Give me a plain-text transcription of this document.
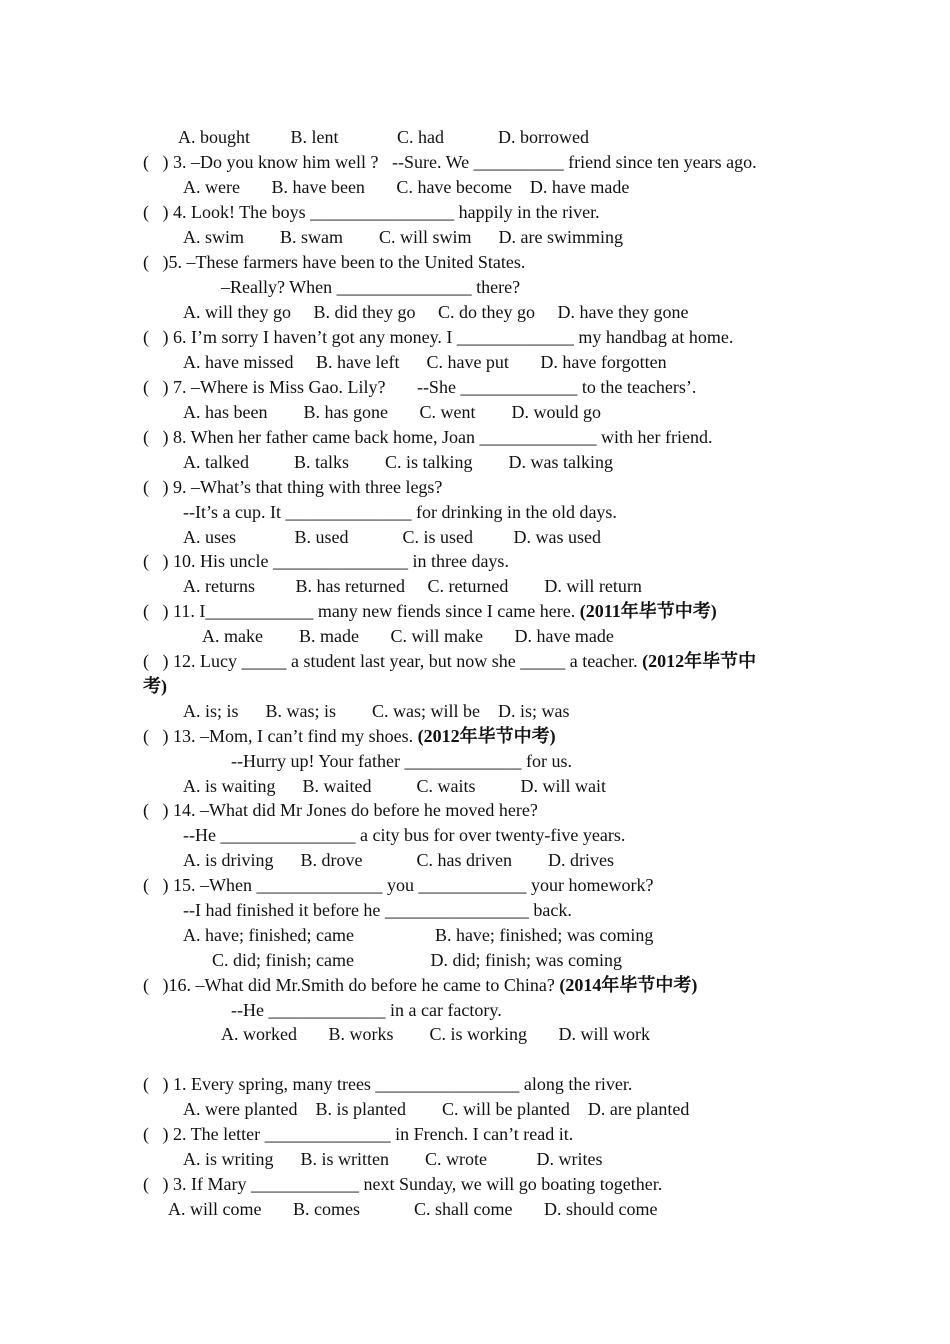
A. bought         B. lent             C. had            D. borrowed
(   ) 3. –Do you know him well ?   --Sure. We __________ friend since ten years ago.
A. were       B. have been       C. have become    D. have made
(   ) 4. Look! The boys ________________ happily in the river.
A. swim        B. swam        C. will swim      D. are swimming
(   )5. –These farmers have been to the United States.
–Really? When _______________ there?
A. will they go     B. did they go     C. do they go     D. have they gone
(   ) 6. I’m sorry I haven’t got any money. I _____________ my handbag at home.
A. have missed     B. have left      C. have put       D. have forgotten
(   ) 7. –Where is Miss Gao. Lily?       --She _____________ to the teachers’.
A. has been        B. has gone       C. went        D. would go
(   ) 8. When her father came back home, Joan _____________ with her friend.
A. talked          B. talks        C. is talking        D. was talking
(   ) 9. –What’s that thing with three legs?
--It’s a cup. It ______________ for drinking in the old days.
A. uses             B. used            C. is used         D. was used
(   ) 10. His uncle _______________ in three days.
A. returns         B. has returned     C. returned        D. will return
(   ) 11. I____________ many new fiends since I came here. (2011年毕节中考)
A. make        B. made       C. will make       D. have made
(   ) 12. Lucy _____ a student last year, but now she _____ a teacher. (2012年毕节中
考)
A. is; is      B. was; is        C. was; will be    D. is; was
(   ) 13. –Mom, I can’t find my shoes. (2012年毕节中考)
--Hurry up! Your father _____________ for us.
A. is waiting      B. waited          C. waits          D. will wait
(   ) 14. –What did Mr Jones do before he moved here?
--He _______________ a city bus for over twenty-five years.
A. is driving      B. drove            C. has driven        D. drives
(   ) 15. –When ______________ you ____________ your homework?
--I had finished it before he ________________ back.
A. have; finished; came                  B. have; finished; was coming
C. did; finish; came                 D. did; finish; was coming
(   )16. –What did Mr.Smith do before he came to China? (2014年毕节中考)
--He _____________ in a car factory.
A. worked       B. works        C. is working       D. will work
(   ) 1. Every spring, many trees ________________ along the river.
A. were planted    B. is planted        C. will be planted    D. are planted
(   ) 2. The letter ______________ in French. I can’t read it.
A. is writing      B. is written        C. wrote           D. writes
(   ) 3. If Mary ____________ next Sunday, we will go boating together.
A. will come       B. comes            C. shall come       D. should come
